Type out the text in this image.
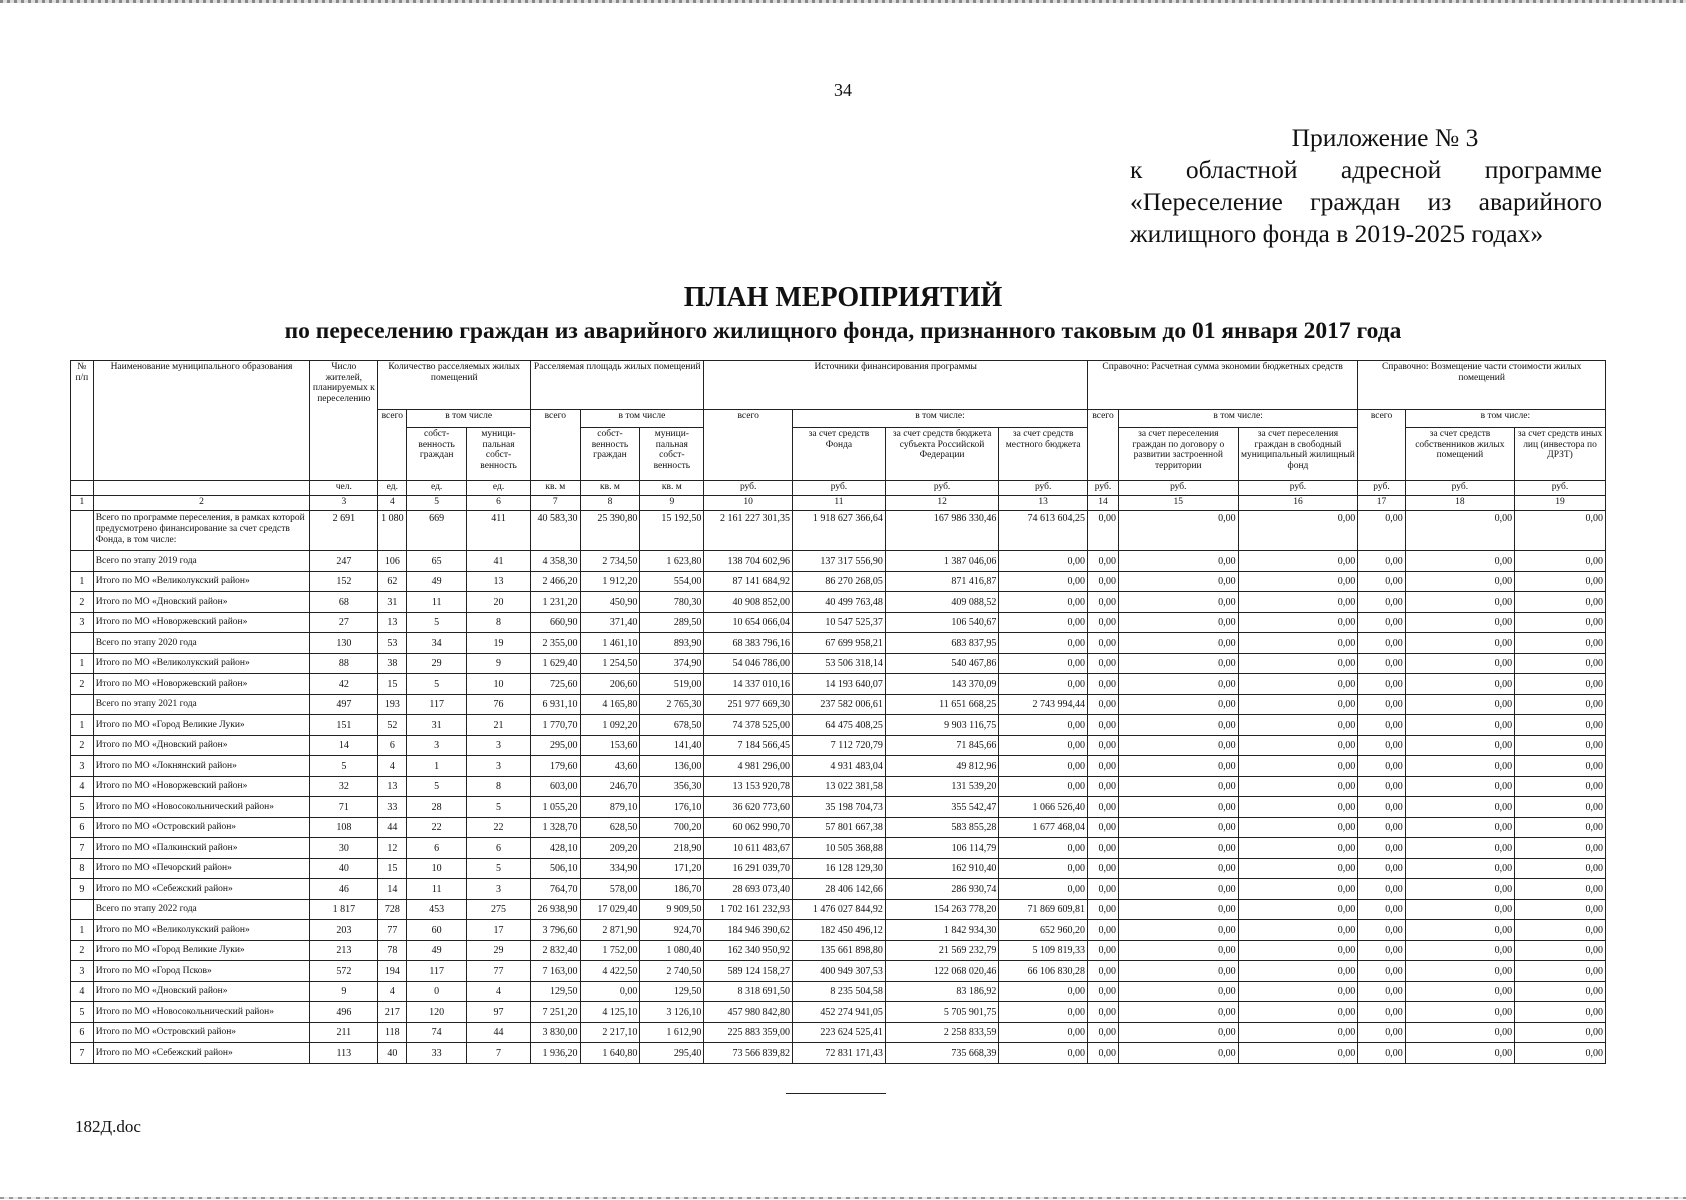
34
Приложение № 3
к областной адресной программе
«Переселение граждан из аварийного
жилищного фонда в 2019-2025 годах»
ПЛАН МЕРОПРИЯТИЙ
по переселению граждан из аварийного жилищного фонда, признанного таковым до 01 января 2017 года
№ п/п	Наименование муниципального образования	Число жителей, планируемых к переселению	Количество расселяемых жилых помещений			Расселяемая площадь жилых помещений			Источники финансирования программы				Справочно: Расчетная сумма экономии бюджетных средств			Справочно: Возмещение части стоимости жилых помещений		
			всего	в том числе		всего	в том числе		всего	в том числе:			всего	в том числе:		всего	в том числе:	
				собст- венность граждан	муници- пальная собст- венность		собст- венность граждан	муници- пальная собст- венность		за счет средств Фонда	за счет средств бюджета субъекта Российской Федерации	за счет средств местного бюджета		за счет переселения граждан по договору о развитии застроенной территории	за счет переселения граждан в свободный муниципальный жилищный фонд		за счет средств собственников жилых помещений	за счет средств иных лиц (инвестора по ДРЗТ)
		чел.	ед.	ед.	ед.	кв. м	кв. м	кв. м	руб.	руб.	руб.	руб.	руб.	руб.	руб.	руб.	руб.	руб.
1	2	3	4	5	6	7	8	9	10	11	12	13	14	15	16	17	18	19
	Всего по программе переселения, в рамках которой предусмотрено финансирование за счет средств Фонда, в том числе:	2 691	1 080	669	411	40 583,30	25 390,80	15 192,50	2 161 227 301,35	1 918 627 366,64	167 986 330,46	74 613 604,25	0,00	0,00	0,00	0,00	0,00	0,00
	Всего по этапу 2019 года	247	106	65	41	4 358,30	2 734,50	1 623,80	138 704 602,96	137 317 556,90	1 387 046,06	0,00	0,00	0,00	0,00	0,00	0,00	0,00
1	Итого по МО «Великолукский район»	152	62	49	13	2 466,20	1 912,20	554,00	87 141 684,92	86 270 268,05	871 416,87	0,00	0,00	0,00	0,00	0,00	0,00	0,00
2	Итого по МО «Дновский район»	68	31	11	20	1 231,20	450,90	780,30	40 908 852,00	40 499 763,48	409 088,52	0,00	0,00	0,00	0,00	0,00	0,00	0,00
3	Итого по МО «Новоржевский район»	27	13	5	8	660,90	371,40	289,50	10 654 066,04	10 547 525,37	106 540,67	0,00	0,00	0,00	0,00	0,00	0,00	0,00
	Всего по этапу 2020 года	130	53	34	19	2 355,00	1 461,10	893,90	68 383 796,16	67 699 958,21	683 837,95	0,00	0,00	0,00	0,00	0,00	0,00	0,00
1	Итого по МО «Великолукский район»	88	38	29	9	1 629,40	1 254,50	374,90	54 046 786,00	53 506 318,14	540 467,86	0,00	0,00	0,00	0,00	0,00	0,00	0,00
2	Итого по МО «Новоржевский район»	42	15	5	10	725,60	206,60	519,00	14 337 010,16	14 193 640,07	143 370,09	0,00	0,00	0,00	0,00	0,00	0,00	0,00
	Всего по этапу 2021 года	497	193	117	76	6 931,10	4 165,80	2 765,30	251 977 669,30	237 582 006,61	11 651 668,25	2 743 994,44	0,00	0,00	0,00	0,00	0,00	0,00
1	Итого по МО «Город Великие Луки»	151	52	31	21	1 770,70	1 092,20	678,50	74 378 525,00	64 475 408,25	9 903 116,75	0,00	0,00	0,00	0,00	0,00	0,00	0,00
2	Итого по МО «Дновский район»	14	6	3	3	295,00	153,60	141,40	7 184 566,45	7 112 720,79	71 845,66	0,00	0,00	0,00	0,00	0,00	0,00	0,00
3	Итого по МО «Локнянский район»	5	4	1	3	179,60	43,60	136,00	4 981 296,00	4 931 483,04	49 812,96	0,00	0,00	0,00	0,00	0,00	0,00	0,00
4	Итого по МО «Новоржевский район»	32	13	5	8	603,00	246,70	356,30	13 153 920,78	13 022 381,58	131 539,20	0,00	0,00	0,00	0,00	0,00	0,00	0,00
5	Итого по МО «Новосокольнический район»	71	33	28	5	1 055,20	879,10	176,10	36 620 773,60	35 198 704,73	355 542,47	1 066 526,40	0,00	0,00	0,00	0,00	0,00	0,00
6	Итого по МО «Островский район»	108	44	22	22	1 328,70	628,50	700,20	60 062 990,70	57 801 667,38	583 855,28	1 677 468,04	0,00	0,00	0,00	0,00	0,00	0,00
7	Итого по МО «Палкинский район»	30	12	6	6	428,10	209,20	218,90	10 611 483,67	10 505 368,88	106 114,79	0,00	0,00	0,00	0,00	0,00	0,00	0,00
8	Итого по МО «Печорский район»	40	15	10	5	506,10	334,90	171,20	16 291 039,70	16 128 129,30	162 910,40	0,00	0,00	0,00	0,00	0,00	0,00	0,00
9	Итого по МО «Себежский район»	46	14	11	3	764,70	578,00	186,70	28 693 073,40	28 406 142,66	286 930,74	0,00	0,00	0,00	0,00	0,00	0,00	0,00
	Всего по этапу 2022 года	1 817	728	453	275	26 938,90	17 029,40	9 909,50	1 702 161 232,93	1 476 027 844,92	154 263 778,20	71 869 609,81	0,00	0,00	0,00	0,00	0,00	0,00
1	Итого по МО «Великолукский район»	203	77	60	17	3 796,60	2 871,90	924,70	184 946 390,62	182 450 496,12	1 842 934,30	652 960,20	0,00	0,00	0,00	0,00	0,00	0,00
2	Итого по МО «Город Великие Луки»	213	78	49	29	2 832,40	1 752,00	1 080,40	162 340 950,92	135 661 898,80	21 569 232,79	5 109 819,33	0,00	0,00	0,00	0,00	0,00	0,00
3	Итого по МО «Город Псков»	572	194	117	77	7 163,00	4 422,50	2 740,50	589 124 158,27	400 949 307,53	122 068 020,46	66 106 830,28	0,00	0,00	0,00	0,00	0,00	0,00
4	Итого по МО «Дновский район»	9	4	0	4	129,50	0,00	129,50	8 318 691,50	8 235 504,58	83 186,92	0,00	0,00	0,00	0,00	0,00	0,00	0,00
5	Итого по МО «Новосокольнический район»	496	217	120	97	7 251,20	4 125,10	3 126,10	457 980 842,80	452 274 941,05	5 705 901,75	0,00	0,00	0,00	0,00	0,00	0,00	0,00
6	Итого по МО «Островский район»	211	118	74	44	3 830,00	2 217,10	1 612,90	225 883 359,00	223 624 525,41	2 258 833,59	0,00	0,00	0,00	0,00	0,00	0,00	0,00
7	Итого по МО «Себежский район»	113	40	33	7	1 936,20	1 640,80	295,40	73 566 839,82	72 831 171,43	735 668,39	0,00	0,00	0,00	0,00	0,00	0,00	0,00
182Д.doc
